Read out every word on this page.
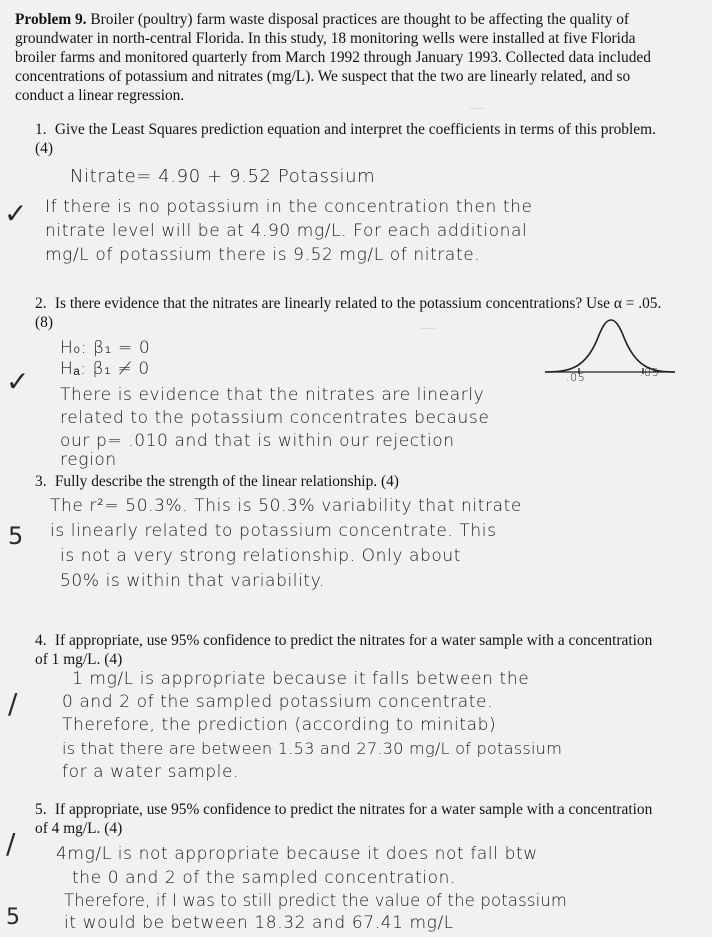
—
—

Problem 9. Broiler (poultry) farm waste disposal practices are thought to be affecting the quality of groundwater in north-central Florida. In this study, 18 monitoring wells were installed at five Florida broiler farms and monitored quarterly from March 1992 through January 1993. Collected data included concentrations of potassium and nitrates (mg/L). We suspect that the two are linearly related, and so conduct a linear regression.

1. Give the Least Squares prediction equation and interpret the coefficients in terms of this problem. (4)

Nitrate= 4.90 + 9.52 Potassium
If there is no potassium in the concentration then the
nitrate level will be at 4.90 mg/L. For each additional
mg/L of potassium there is 9.52 mg/L of nitrate.
✓

2. Is there evidence that the nitrates are linearly related to the potassium concentrations? Use α = .05. (8)

H₀: β₁ = 0
Hₐ: β₁ ≠ 0
There is evidence that the nitrates are linearly
related to the potassium concentrates because
our p= .010 and that is within our rejection
region
✓	.05	.05

3. Fully describe the strength of the linear relationship. (4)

The r²= 50.3%. This is 50.3% variability that nitrate
is linearly related to potassium concentrate. This
is not a very strong relationship. Only about
50% is within that variability.
5

4. If appropriate, use 95% confidence to predict the nitrates for a water sample with a concentration of 1 mg/L. (4)

1 mg/L is appropriate because it falls between the
0 and 2 of the sampled potassium concentrate.
Therefore, the prediction (according to minitab)
is that there are between 1.53 and 27.30 mg/L of potassium
for a water sample.
/

5. If appropriate, use 95% confidence to predict the nitrates for a water sample with a concentration of 4 mg/L. (4)

4mg/L is not appropriate because it does not fall btw
the 0 and 2 of the sampled concentration.
Therefore, if I was to still predict the value of the potassium
it would be between 18.32 and 67.41 mg/L
/
5
